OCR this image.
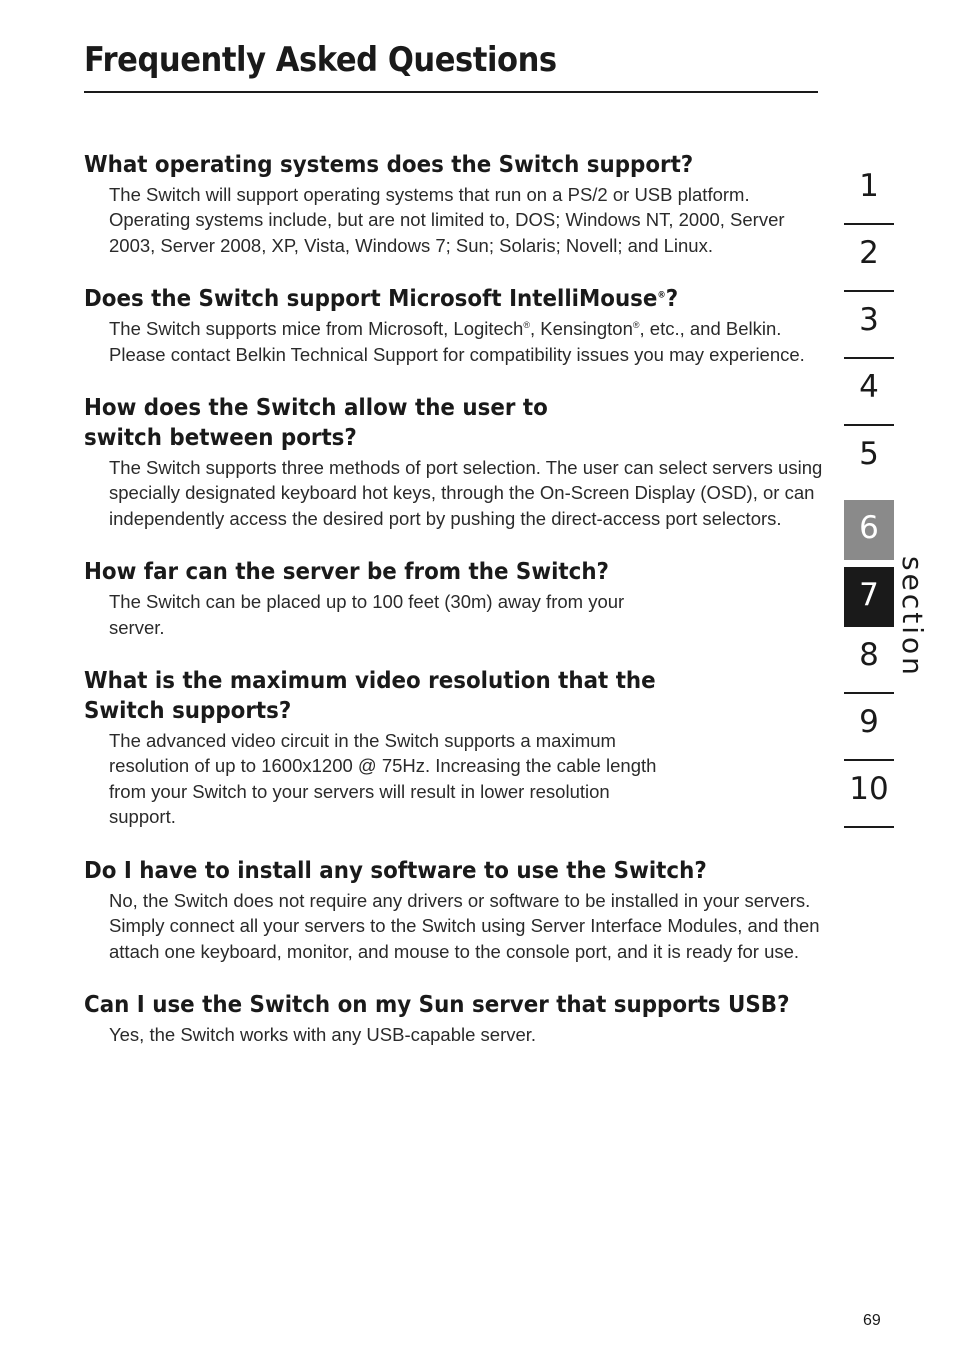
Frequently Asked Questions
What operating systems does the Switch support?

The Switch will support operating systems that run on a PS/2 or USB platform. Operating systems include, but are not limited to, DOS; Windows NT, 2000, Server 2003, Server 2008, XP, Vista, Windows 7; Sun; Solaris; Novell; and Linux.

Does the Switch support Microsoft IntelliMouse®?

The Switch supports mice from Microsoft, Logitech®, Kensington®, etc., and Belkin. Please contact Belkin Technical Support for compatibility issues you may experience.

How does the Switch allow the user to switch between ports?

The Switch supports three methods of port selection. The user can select servers using specially designated keyboard hot keys, through the On-Screen Display (OSD), or can independently access the desired port by pushing the direct-access port selectors.

How far can the server be from the Switch?

The Switch can be placed up to 100 feet (30m) away from your server.

What is the maximum video resolution that the Switch supports?

The advanced video circuit in the Switch supports a maximum resolution of up to 1600x1200 @ 75Hz. Increasing the cable length from your Switch to your servers will result in lower resolution support.

Do I have to install any software to use the Switch?

No, the Switch does not require any drivers or software to be installed in your servers. Simply connect all your servers to the Switch using Server Interface Modules, and then attach one keyboard, monitor, and mouse to the console port, and it is ready for use.

Can I use the Switch on my Sun server that supports USB?

Yes, the Switch works with any USB-capable server.

1
2
3
4
5
6
7
8
9
10
section
69
